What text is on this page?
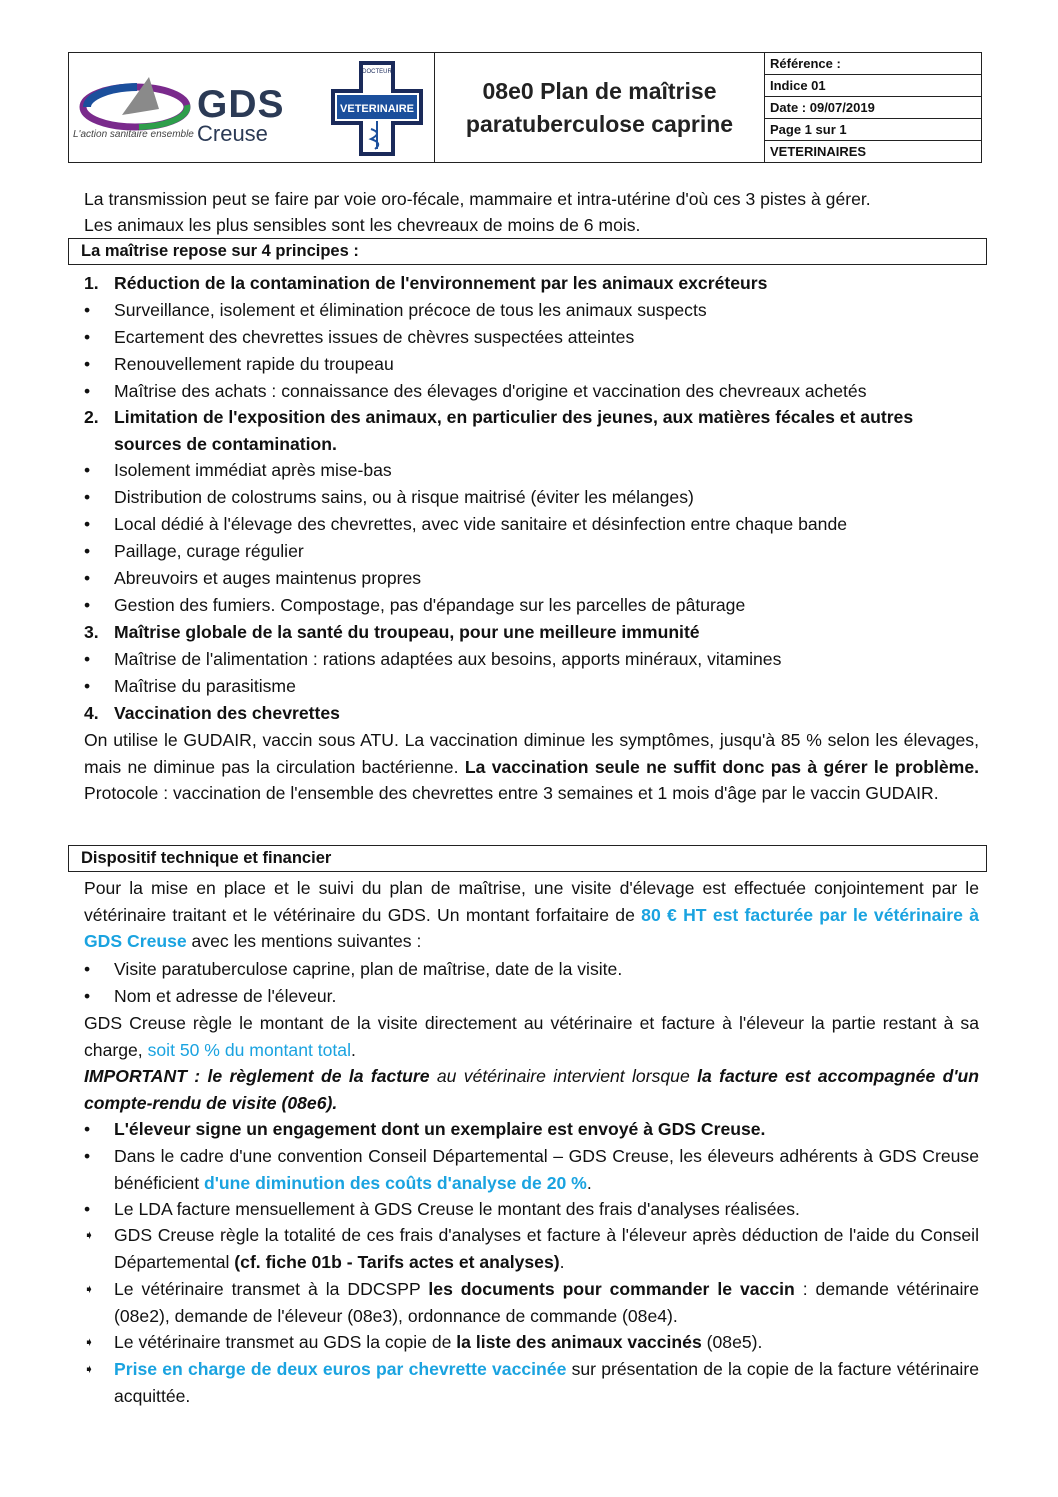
GDS
Creuse
L'action sanitaire ensemble
DOCTEUR
VETERINAIRE
08e0 Plan de maîtrise
paratuberculose caprine
Référence :
Indice 01
Date : 09/07/2019
Page 1 sur 1
VETERINAIRES
La transmission peut se faire par voie oro-fécale, mammaire et intra-utérine d'où ces 3 pistes à gérer.
Les animaux les plus sensibles sont les chevreaux de moins de 6 mois.
La maîtrise repose sur 4 principes :
1. Réduction de la contamination de l'environnement par les animaux excréteurs
•	Surveillance, isolement et élimination précoce de tous les animaux suspects
•	Ecartement des chevrettes issues de chèvres suspectées atteintes
•	Renouvellement rapide du troupeau
•	Maîtrise des achats : connaissance des élevages d'origine et vaccination des chevreaux achetés
2. Limitation de l'exposition des animaux, en particulier des jeunes, aux matières fécales et autres sources de contamination.
•	Isolement immédiat après mise-bas
•	Distribution de colostrums sains, ou à risque maitrisé (éviter les mélanges)
•	Local dédié à l'élevage des chevrettes, avec vide sanitaire et désinfection entre chaque bande
•	Paillage, curage régulier
•	Abreuvoirs et auges maintenus propres
•	Gestion des fumiers. Compostage, pas d'épandage sur les parcelles de pâturage
3. Maîtrise globale de la santé du troupeau, pour une meilleure immunité
•	Maîtrise de l'alimentation : rations adaptées aux besoins, apports minéraux, vitamines
•	Maîtrise du parasitisme
4. Vaccination des chevrettes
On utilise le GUDAIR, vaccin sous ATU. La vaccination diminue les symptômes, jusqu'à 85 % selon les élevages, mais ne diminue pas la circulation bactérienne. La vaccination seule ne suffit donc pas à gérer le problème. Protocole : vaccination de l'ensemble des chevrettes entre 3 semaines et 1 mois d'âge par le vaccin GUDAIR.
Dispositif technique et financier
Pour la mise en place et le suivi du plan de maîtrise, une visite d'élevage est effectuée conjointement par le vétérinaire traitant et le vétérinaire du GDS. Un montant forfaitaire de 80 € HT est facturée par le vétérinaire à GDS Creuse avec les mentions suivantes :
•	Visite paratuberculose caprine, plan de maîtrise, date de la visite.
•	Nom et adresse de l'éleveur.
GDS Creuse règle le montant de la visite directement au vétérinaire et facture à l'éleveur la partie restant à sa charge, soit 50 % du montant total.
IMPORTANT : le règlement de la facture au vétérinaire intervient lorsque la facture est accompagnée d'un compte-rendu de visite (08e6).
•	L'éleveur signe un engagement dont un exemplaire est envoyé à GDS Creuse.
•	Dans le cadre d'une convention Conseil Départemental – GDS Creuse, les éleveurs adhérents à GDS Creuse bénéficient d'une diminution des coûts d'analyse de 20 %.
•	Le LDA facture mensuellement à GDS Creuse le montant des frais d'analyses réalisées.
➧	GDS Creuse règle la totalité de ces frais d'analyses et facture à l'éleveur après déduction de l'aide du Conseil Départemental (cf. fiche 01b - Tarifs actes et analyses).
➧	Le vétérinaire transmet à la DDCSPP les documents pour commander le vaccin : demande vétérinaire (08e2), demande de l'éleveur (08e3), ordonnance de commande (08e4).
➧	Le vétérinaire transmet au GDS la copie de la liste des animaux vaccinés (08e5).
➧	Prise en charge de deux euros par chevrette vaccinée sur présentation de la copie de la facture vétérinaire acquittée.
